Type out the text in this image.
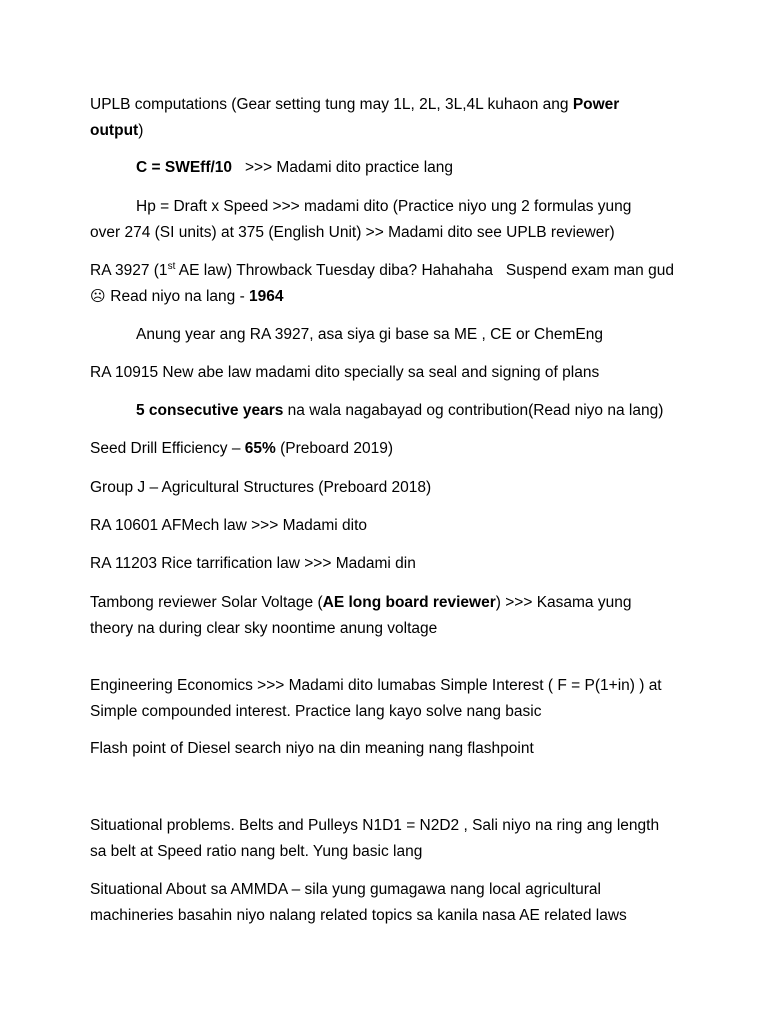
UPLB computations (Gear setting tung may 1L, 2L, 3L,4L kuhaon ang Power output)
C = SWEff/10   >>> Madami dito practice lang
Hp = Draft x Speed >>> madami dito (Practice niyo ung 2 formulas yung
over 274 (SI units) at 375 (English Unit) >> Madami dito see UPLB reviewer)
RA 3927 (1st AE law) Throwback Tuesday diba? Hahahaha   Suspend exam man gud
☹ Read niyo na lang - 1964
Anung year ang RA 3927, asa siya gi base sa ME , CE or ChemEng
RA 10915 New abe law madami dito specially sa seal and signing of plans
5 consecutive years na wala nagabayad og contribution(Read niyo na lang)
Seed Drill Efficiency – 65% (Preboard 2019)
Group J – Agricultural Structures (Preboard 2018)
RA 10601 AFMech law >>> Madami dito
RA 11203 Rice tarrification law >>> Madami din
Tambong reviewer Solar Voltage (AE long board reviewer) >>> Kasama yung
theory na during clear sky noontime anung voltage
Engineering Economics >>> Madami dito lumabas Simple Interest ( F = P(1+in) ) at
Simple compounded interest. Practice lang kayo solve nang basic
Flash point of Diesel search niyo na din meaning nang flashpoint
Situational problems. Belts and Pulleys N1D1 = N2D2 , Sali niyo na ring ang length
sa belt at Speed ratio nang belt. Yung basic lang
Situational About sa AMMDA – sila yung gumagawa nang local agricultural
machineries basahin niyo nalang related topics sa kanila nasa AE related laws
